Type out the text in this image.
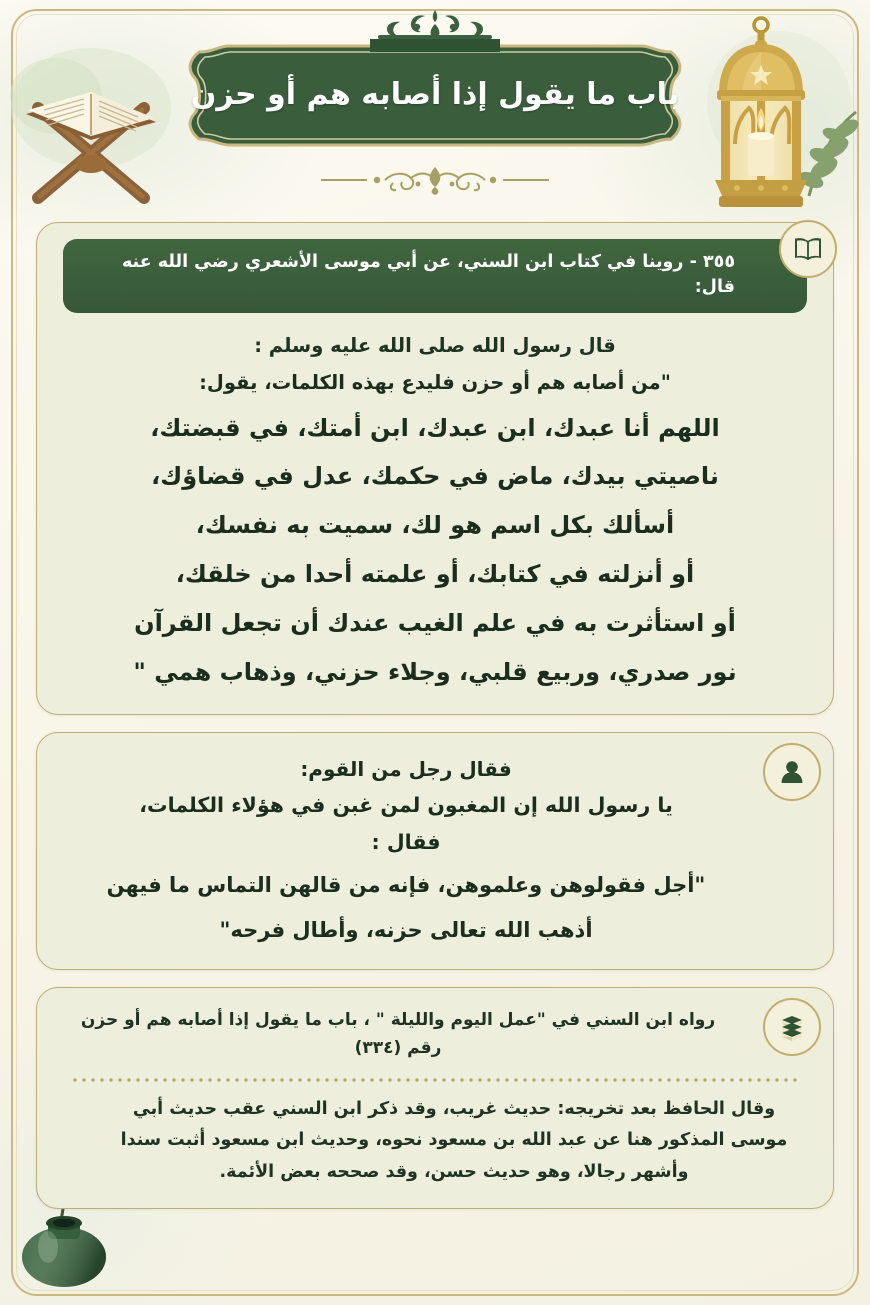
باب ما يقول إذا أصابه هم أو حزن
٣٥٥ - روينا في كتاب ابن السني، عن أبي موسى الأشعري رضي الله عنه قال:
قال رسول الله صلى الله عليه وسلم :
"من أصابه هم أو حزن فليدع بهذه الكلمات، يقول:
اللهم أنا عبدك، ابن عبدك، ابن أمتك، في قبضتك،
ناصيتي بيدك، ماض في حكمك، عدل في قضاؤك،
أسألك بكل اسم هو لك، سميت به نفسك،
أو أنزلته في كتابك، أو علمته أحدا من خلقك،
أو استأثرت به في علم الغيب عندك أن تجعل القرآن
نور صدري، وربيع قلبي، وجلاء حزني، وذهاب همي "
فقال رجل من القوم:
يا رسول الله إن المغبون لمن غبن في هؤلاء الكلمات،
فقال :
"أجل فقولوهن وعلموهن، فإنه من قالهن التماس ما فيهن
أذهب الله تعالى حزنه، وأطال فرحه"
رواه ابن السني في "عمل اليوم والليلة " ، باب ما يقول إذا أصابه هم أو حزن رقم (٣٣٤)
وقال الحافظ بعد تخريجه: حديث غريب، وقد ذكر ابن السني عقب حديث أبي موسى المذكور هنا عن عبد الله بن مسعود نحوه، وحديث ابن مسعود أثبت سندا وأشهر رجالا، وهو حديث حسن، وقد صححه بعض الأئمة.
